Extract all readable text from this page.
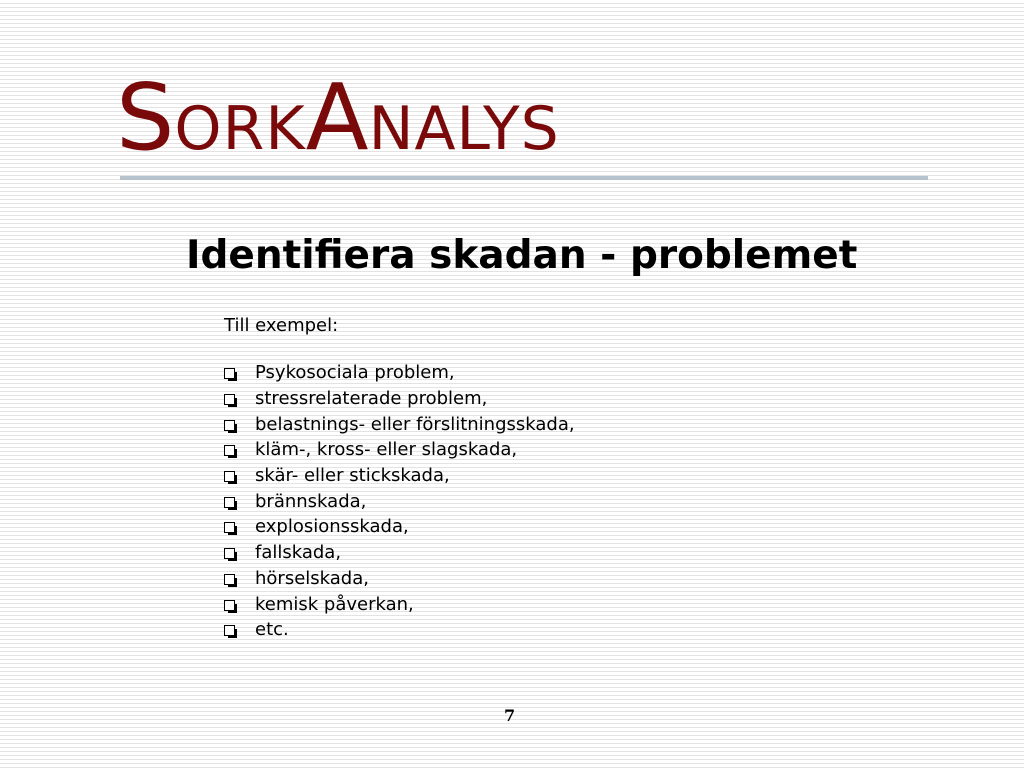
SORKANALYS
Identifiera skadan - problemet
Till exempel:
Psykosociala problem,
stressrelaterade problem,
belastnings- eller förslitningsskada,
kläm-, kross- eller slagskada,
skär- eller stickskada,
brännskada,
explosionsskada,
fallskada,
hörselskada,
kemisk påverkan,
etc.
7
